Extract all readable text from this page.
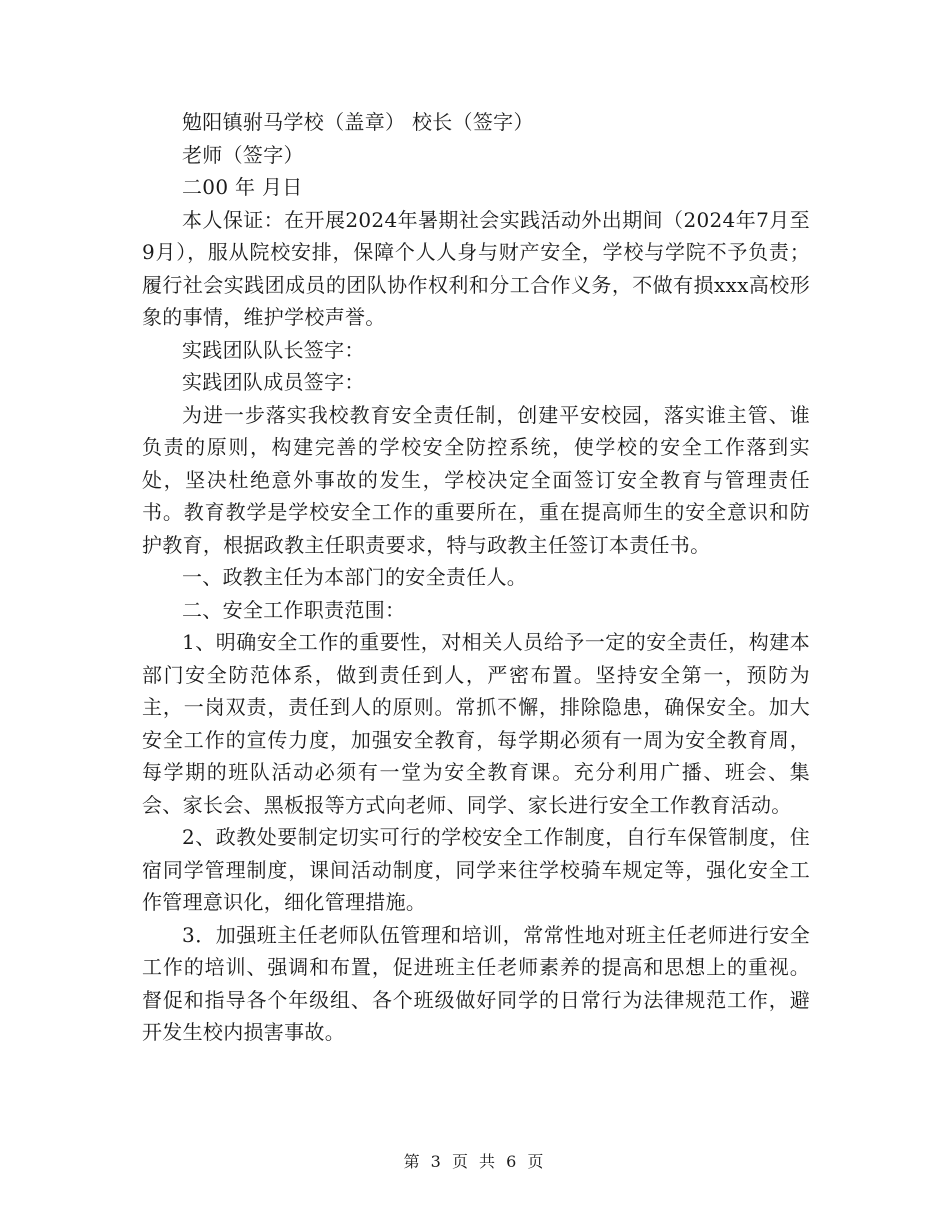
勉阳镇驸马学校（盖章） 校长（签字）

老师（签字）

二00 年 月日

本人保证：在开展2024年暑期社会实践活动外出期间（2024年7月至9月），服从院校安排，保障个人人身与财产安全，学校与学院不予负责；履行社会实践团成员的团队协作权利和分工合作义务，不做有损xxx高校形象的事情，维护学校声誉。

实践团队队长签字：

实践团队成员签字：

为进一步落实我校教育安全责任制，创建平安校园，落实谁主管、谁负责的原则，构建完善的学校安全防控系统，使学校的安全工作落到实处，坚决杜绝意外事故的发生，学校决定全面签订安全教育与管理责任书。教育教学是学校安全工作的重要所在，重在提高师生的安全意识和防护教育，根据政教主任职责要求，特与政教主任签订本责任书。

一、政教主任为本部门的安全责任人。

二、安全工作职责范围：

1、明确安全工作的重要性，对相关人员给予一定的安全责任，构建本部门安全防范体系，做到责任到人，严密布置。坚持安全第一，预防为主，一岗双责，责任到人的原则。常抓不懈，排除隐患，确保安全。加大安全工作的宣传力度，加强安全教育，每学期必须有一周为安全教育周，每学期的班队活动必须有一堂为安全教育课。充分利用广播、班会、集会、家长会、黑板报等方式向老师、同学、家长进行安全工作教育活动。

2、政教处要制定切实可行的学校安全工作制度，自行车保管制度，住宿同学管理制度，课间活动制度，同学来往学校骑车规定等，强化安全工作管理意识化，细化管理措施。

3．加强班主任老师队伍管理和培训，常常性地对班主任老师进行安全工作的培训、强调和布置，促进班主任老师素养的提高和思想上的重视。督促和指导各个年级组、各个班级做好同学的日常行为法律规范工作，避开发生校内损害事故。

第 3 页 共 6 页
